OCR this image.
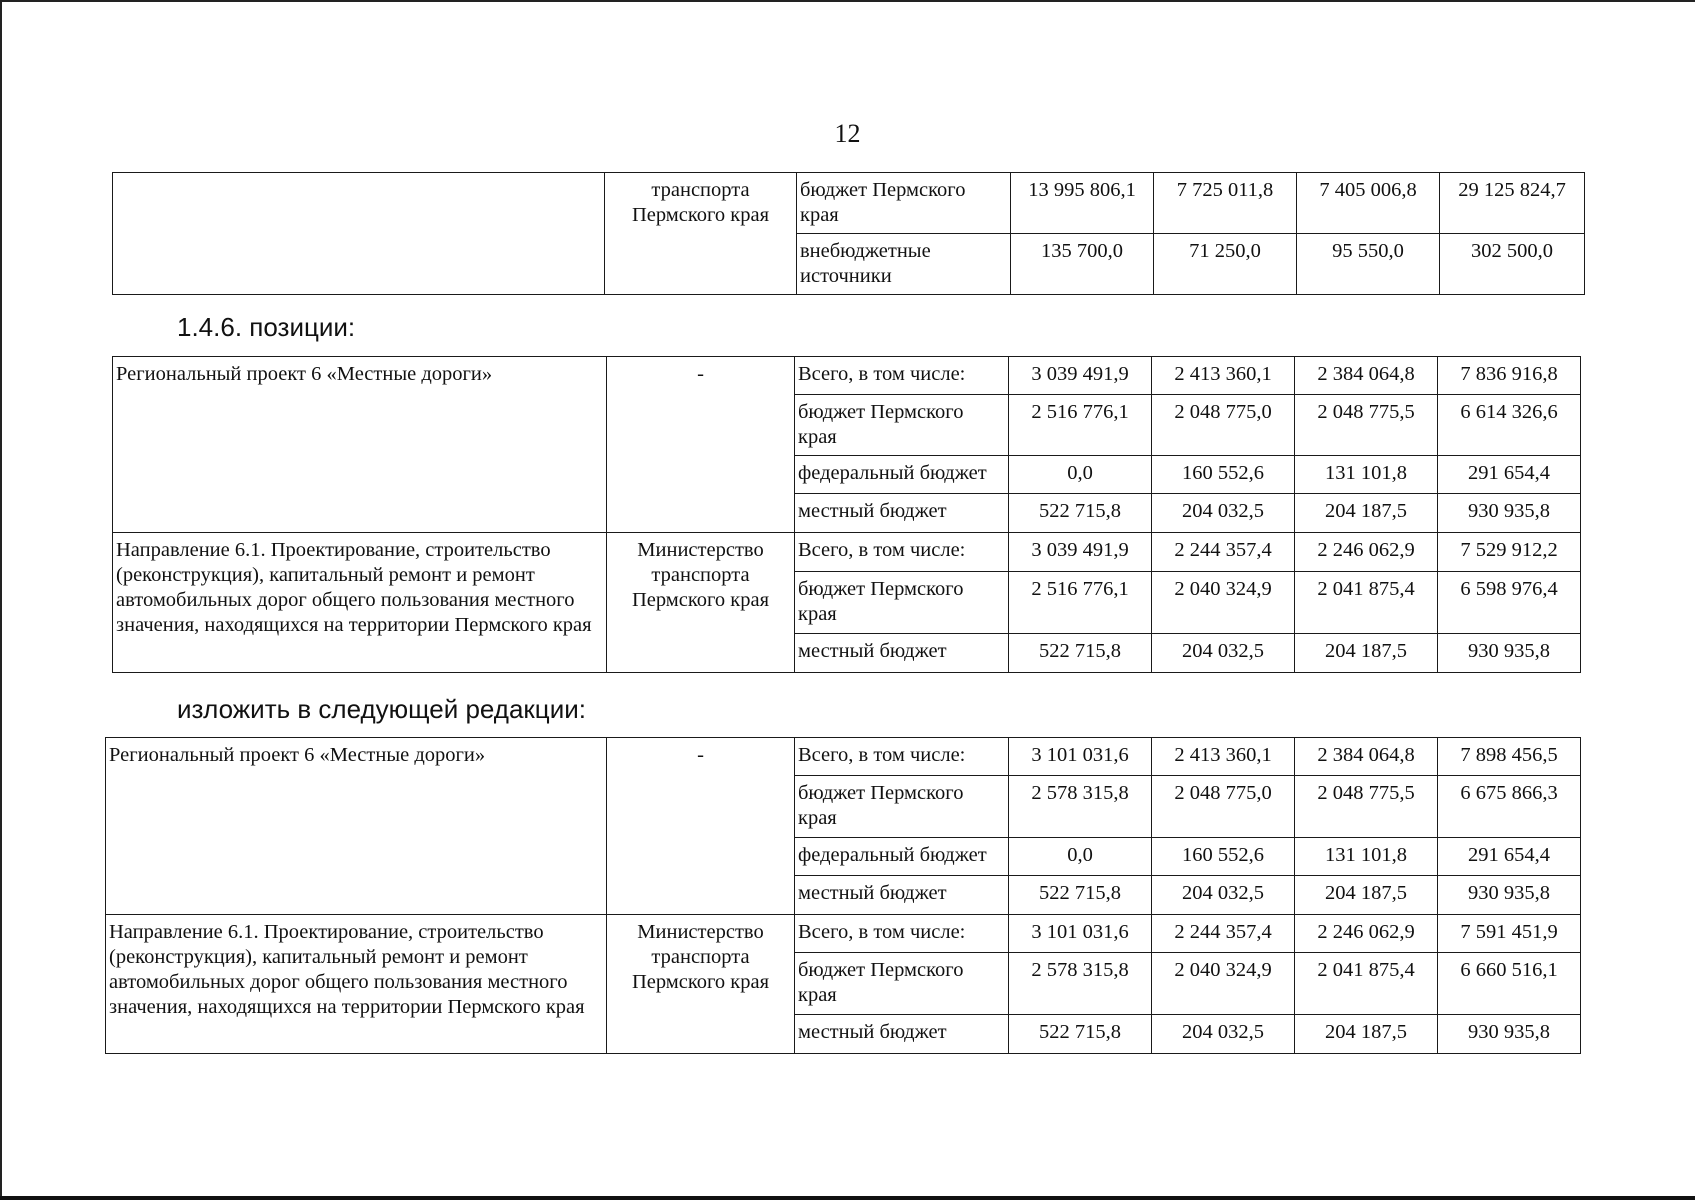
12
	транспорта Пермского края	бюджет Пермского края	13 995 806,1	7 725 011,8	7 405 006,8	29 125 824,7
		внебюджетные источники	135 700,0	71 250,0	95 550,0	302 500,0
1.4.6. позиции:
Региональный проект 6 «Местные дороги»	-	Всего, в том числе:	3 039 491,9	2 413 360,1	2 384 064,8	7 836 916,8
		бюджет Пермского края	2 516 776,1	2 048 775,0	2 048 775,5	6 614 326,6
		федеральный бюджет	0,0	160 552,6	131 101,8	291 654,4
		местный бюджет	522 715,8	204 032,5	204 187,5	930 935,8
Направление 6.1. Проектирование, строительство (реконструкция), капитальный ремонт и ремонт автомобильных дорог общего пользования местного значения, находящихся на территории Пермского края	Министерство транспорта Пермского края	Всего, в том числе:	3 039 491,9	2 244 357,4	2 246 062,9	7 529 912,2
		бюджет Пермского края	2 516 776,1	2 040 324,9	2 041 875,4	6 598 976,4
		местный бюджет	522 715,8	204 032,5	204 187,5	930 935,8
изложить в следующей редакции:
Региональный проект 6 «Местные дороги»	-	Всего, в том числе:	3 101 031,6	2 413 360,1	2 384 064,8	7 898 456,5
		бюджет Пермского края	2 578 315,8	2 048 775,0	2 048 775,5	6 675 866,3
		федеральный бюджет	0,0	160 552,6	131 101,8	291 654,4
		местный бюджет	522 715,8	204 032,5	204 187,5	930 935,8
Направление 6.1. Проектирование, строительство (реконструкция), капитальный ремонт и ремонт автомобильных дорог общего пользования местного значения, находящихся на территории Пермского края	Министерство транспорта Пермского края	Всего, в том числе:	3 101 031,6	2 244 357,4	2 246 062,9	7 591 451,9
		бюджет Пермского края	2 578 315,8	2 040 324,9	2 041 875,4	6 660 516,1
		местный бюджет	522 715,8	204 032,5	204 187,5	930 935,8
